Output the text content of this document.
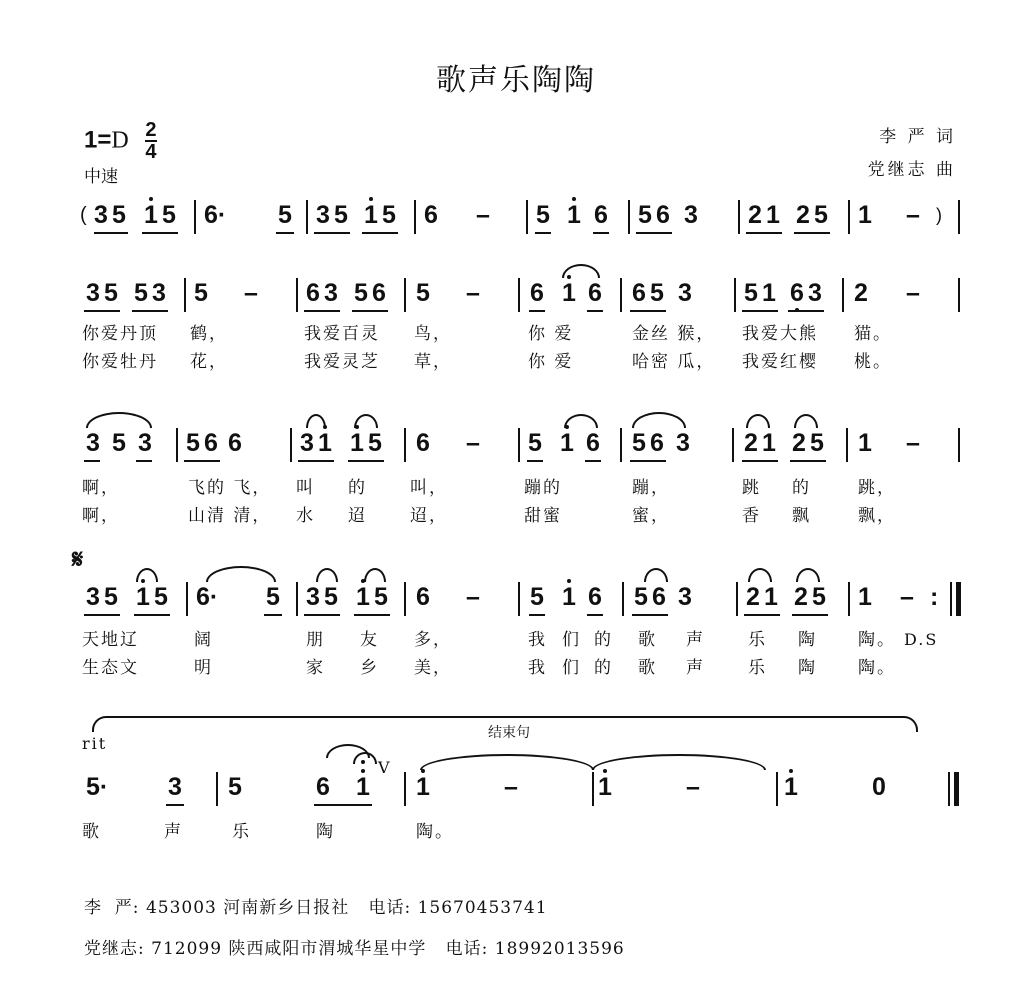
歌声乐陶陶
$1=D \frac{2}{4}$
中速
李 严 词
党继志 曲
( 3 5 1 5 6· 5 3 5 1 5 6 – 5 1 6 5 6 3 2 1 2 5 1 – )
3 5 5 3 5 – 6 3 5 6 5 – 6 1 6 6 5 3 5 1 6 3 2 –
你爱丹顶 鹤，	我爱百灵 鸟，	你 爱	金丝 猴， 我爱大熊 猫。
你爱牡丹 花，	我爱灵芝 草，	你 爱	哈密 瓜， 我爱红樱 桃。
3 5 3 5 6 6 3 1 1 5 6 – 5 1 6 5 6 3 2 1 2 5 1 –
啊，	飞的 飞， 叫 的	叫，	蹦的	蹦，	跳 的	跳，
啊，	山清 清， 水 迢	迢，	甜蜜	蜜，	香 飘	飘，
𝄋
3 5 1 5 6· 5 3 5 1 5 6 – 5 1 6 5 6 3 2 1 2 5 1 – :
天地辽	阔	朋 友 多，	我 们 的 歌 声	乐 陶 陶。 D.S
生态文	明	家 乡 美，	我 们 的 歌 声	乐 陶 陶。
rit
结束句
5· 3 5	6 1
V
1	–	1	–	1	0
歌	声	乐	陶	陶。
李  严: 453003 河南新乡日报社   电话: 15670453741
党继志: 712099 陕西咸阳市渭城华星中学   电话: 18992013596
